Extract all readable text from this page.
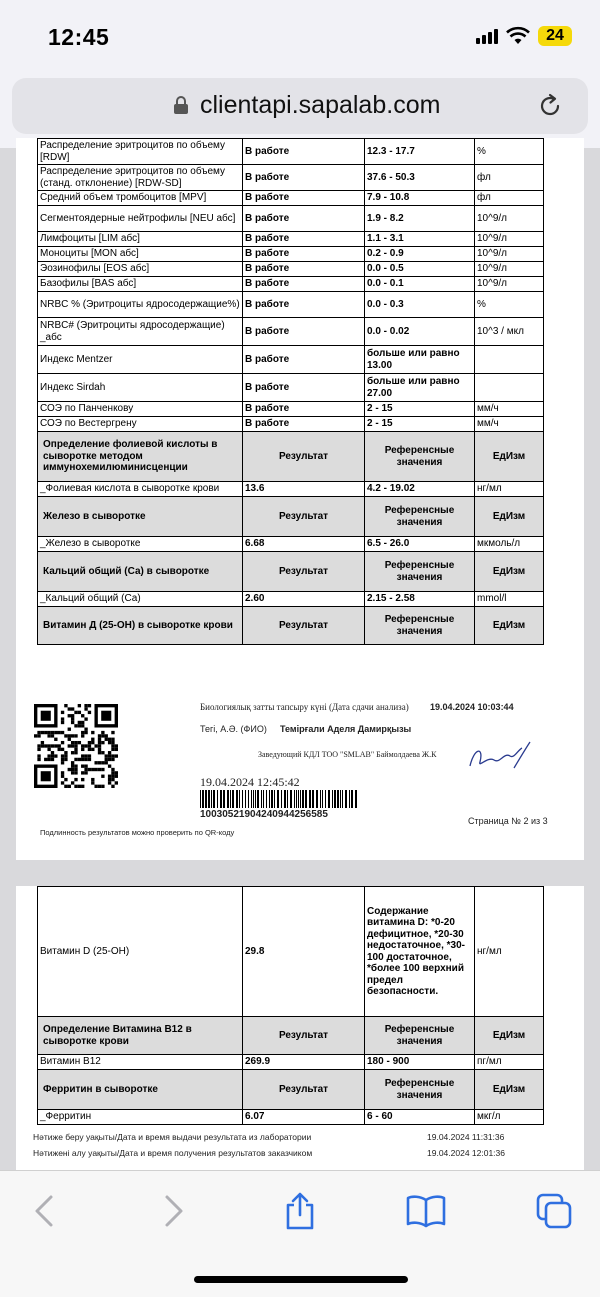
12:45	24
clientapi.sapalab.com
Распределение эритроцитов по объему [RDW]	В работе	12.3 - 17.7	%
Распределение эритроцитов по объему (станд. отклонение) [RDW-SD]	В работе	37.6 - 50.3	фл
Средний объем тромбоцитов [MPV]	В работе	7.9 - 10.8	фл
Сегментоядерные нейтрофилы [NEU абс]	В работе	1.9 - 8.2	10^9/л
Лимфоциты [LIM абс]	В работе	1.1 - 3.1	10^9/л
Моноциты [MON абс]	В работе	0.2 - 0.9	10^9/л
Эозинофилы [EOS абс]	В работе	0.0 - 0.5	10^9/л
Базофилы [BAS абс]	В работе	0.0 - 0.1	10^9/л
NRBC % (Эритроциты ядросодержащие%)	В работе	0.0 - 0.3	%
NRBC# (Эритроциты ядросодержащие) _абс	В работе	0.0 - 0.02	10^3 / мкл
Индекс Mentzer	В работе	больше или равно 13.00	
Индекс Sirdah	В работе	больше или равно 27.00	
СОЭ по Панченкову	В работе	2 - 15	мм/ч
СОЭ по Вестергрену	В работе	2 - 15	мм/ч
Определение фолиевой кислоты в сыворотке методом иммунохемилюминисценции	Результат	Референсные значения	ЕдИзм
_Фолиевая кислота в сыворотке крови	13.6	4.2 - 19.02	нг/мл
Железо в сыворотке	Результат	Референсные значения	ЕдИзм
_Железо в сыворотке	6.68	6.5 - 26.0	мкмоль/л
Кальций общий (Са) в сыворотке	Результат	Референсные значения	ЕдИзм
_Кальций общий (Са)	2.60	2.15 - 2.58	mmol/l
Витамин Д (25-ОН) в сыворотке крови	Результат	Референсные значения	ЕдИзм
Биологиялық затты тапсыру күні (Дата сдачи анализа) 19.04.2024 10:03:44
Тегі, А.Ә. (ФИО) Темірғали Аделя Дамирқызы
Заведующий КДЛ ТОО "SMLAB" Баймолдаева Ж.К
19.04.2024 12:45:42
10030521904240944256585
Страница № 2 из 3
Подлинность результатов можно проверить по QR-коду
Витамин D (25-OH)	29.8	Содержание витамина D: *0-20 дефицитное, *20-30 недостаточное, *30-100 достаточное, *более 100 верхний предел безопасности.	нг/мл
Определение Витамина B12 в сыворотке крови	Результат	Референсные значения	ЕдИзм
Витамин B12	269.9	180 - 900	пг/мл
Ферритин в сыворотке	Результат	Референсные значения	ЕдИзм
_Ферритин	6.07	6 - 60	мкг/л
Нәтиже беру уақыты/Дата и время выдачи результата из лаборатории	19.04.2024 11:31:36
Нәтижені алу уақыты/Дата и время получения результатов заказчиком	19.04.2024 12:01:36
